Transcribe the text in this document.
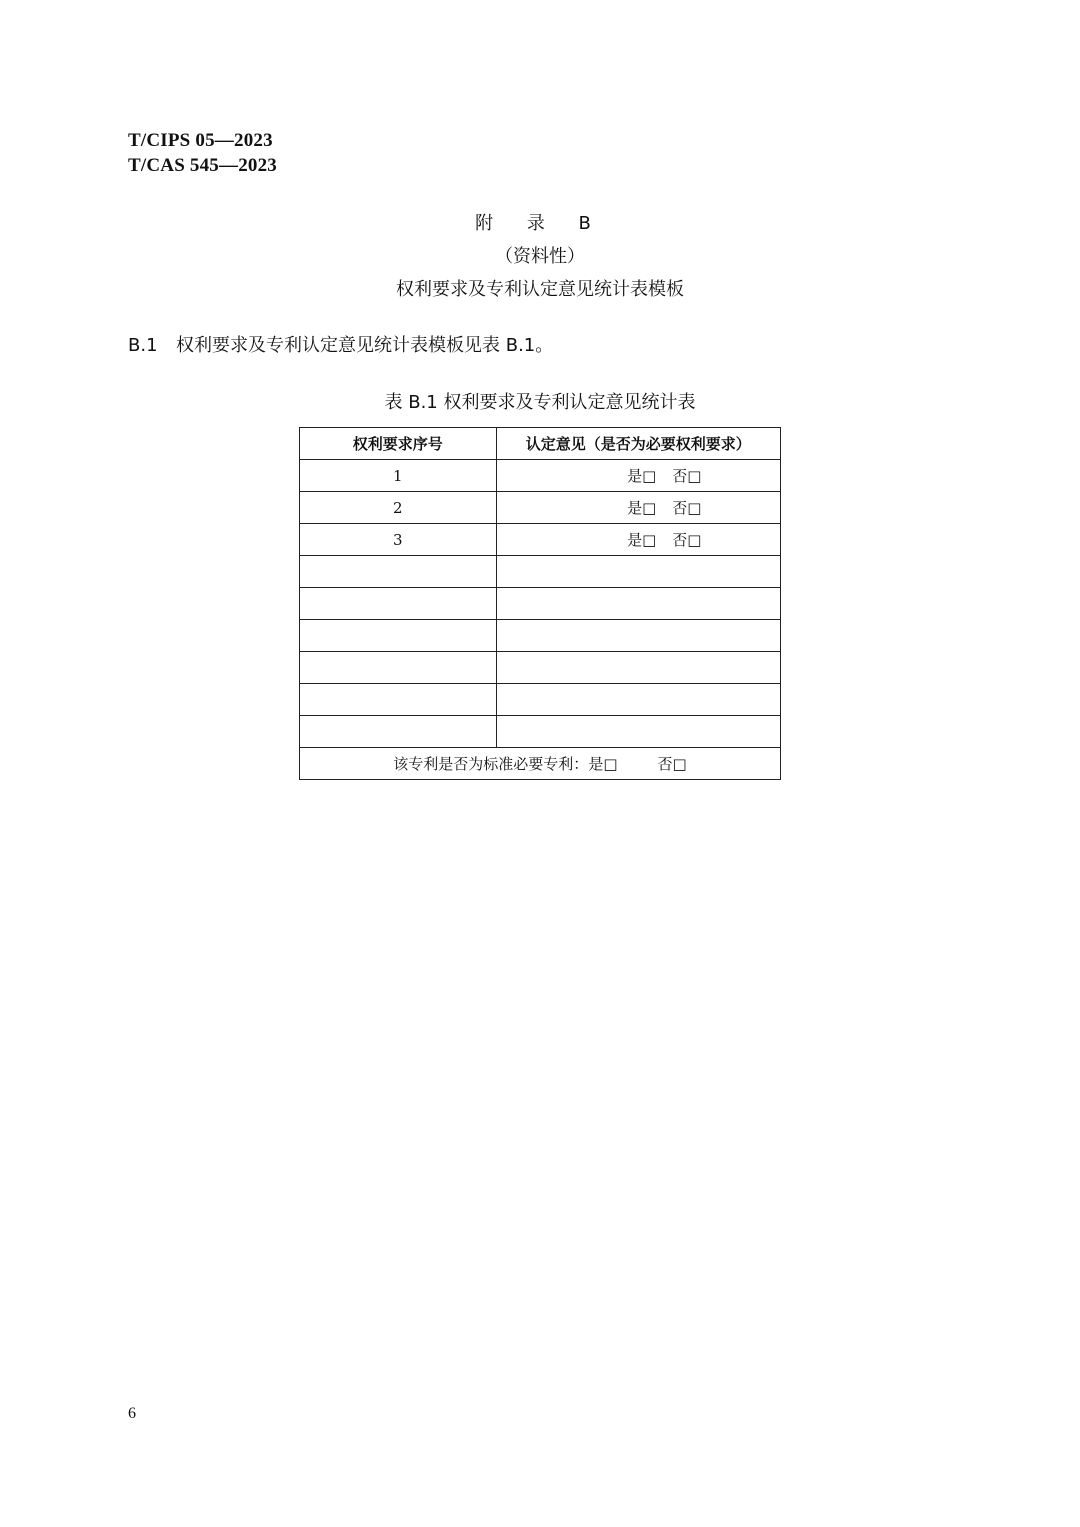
T/CIPS 05—2023
T/CAS 545—2023
附 录 B
（资料性）
权利要求及专利认定意见统计表模板
B.1 权利要求及专利认定意见统计表模板见表 B.1。
表 B.1 权利要求及专利认定意见统计表
权利要求序号	认定意见（是否为必要权利要求）
1	是□ 否□
2	是□ 否□
3	是□ 否□

该专利是否为标准必要专利：是□ 否□	
6
